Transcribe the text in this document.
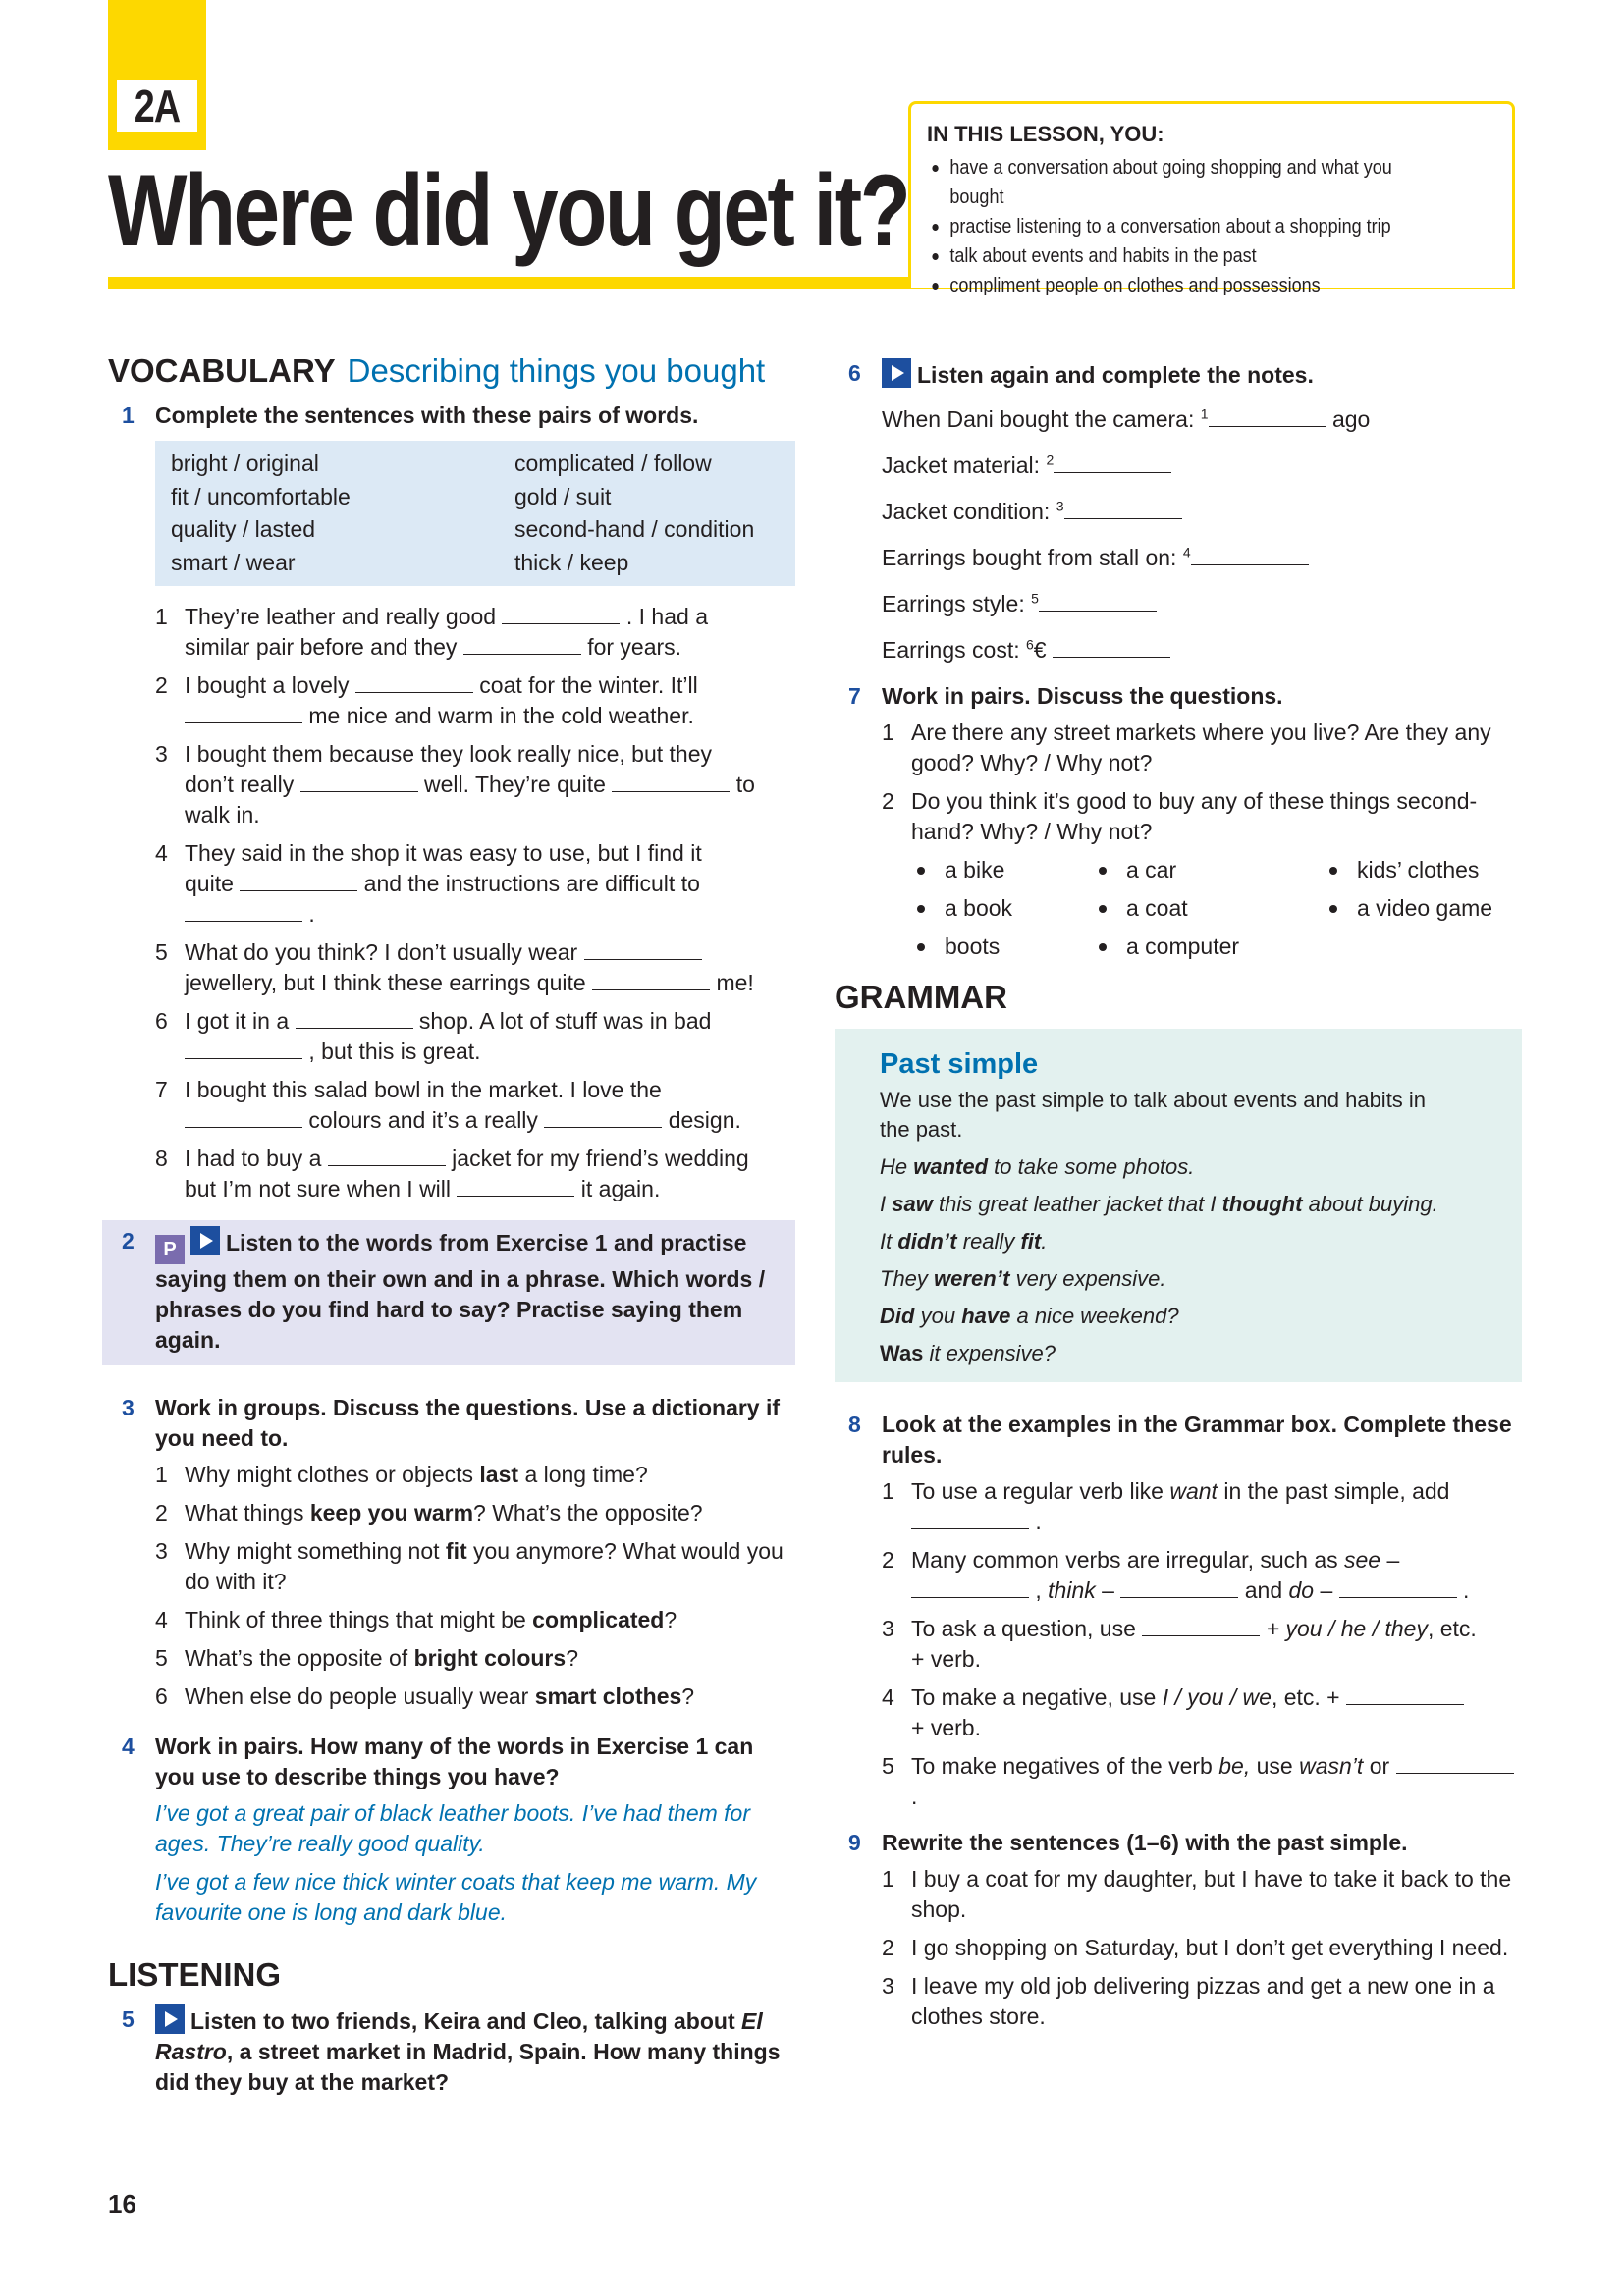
2A
Where did you get it?
IN THIS LESSON, YOU:
have a conversation about going shopping and what you bought
practise listening to a conversation about a shopping trip
talk about events and habits in the past
compliment people on clothes and possessions
VOCABULARY Describing things you bought
1 Complete the sentences with these pairs of words.
bright / original	complicated / follow
fit / uncomfortable	gold / suit
quality / lasted	second-hand / condition
smart / wear	thick / keep
1 They’re leather and really good	. I had a
similar pair before and they	for years.
2 I bought a lovely	coat for the winter. It’ll
me nice and warm in the cold weather.
3 I bought them because they look really nice, but they
don’t really	well. They’re quite	to
walk in.
4 They said in the shop it was easy to use, but I find it
quite	and the instructions are difficult to
.
5 What do you think? I don’t usually wear
jewellery, but I think these earrings quite	me!
6 I got it in a	shop. A lot of stuff was in bad
, but this is great.
7 I bought this salad bowl in the market. I love the
colours and it’s a really	design.
8 I had to buy a	jacket for my friend’s wedding
but I’m not sure when I will	it again.
2 P Listen to the words from Exercise 1 and practise saying them on their own and in a phrase. Which words / phrases do you find hard to say? Practise saying them again.
3 Work in groups. Discuss the questions. Use a dictionary if you need to.
1 Why might clothes or objects last a long time?
2 What things keep you warm? What’s the opposite?
3 Why might something not fit you anymore? What would you do with it?
4 Think of three things that might be complicated?
5 What’s the opposite of bright colours?
6 When else do people usually wear smart clothes?
4 Work in pairs. How many of the words in Exercise 1 can you use to describe things you have?
I’ve got a great pair of black leather boots. I’ve had them for ages. They’re really good quality.
I’ve got a few nice thick winter coats that keep me warm. My favourite one is long and dark blue.
LISTENING
5 Listen to two friends, Keira and Cleo, talking about El Rastro, a street market in Madrid, Spain. How many things did they buy at the market?
6 Listen again and complete the notes.
When Dani bought the camera: $^1$	ago
Jacket material: $^2$
Jacket condition: $^3$
Earrings bought from stall on: $^4$
Earrings style: $^5$
Earrings cost: $^6$€
7 Work in pairs. Discuss the questions.
1 Are there any street markets where you live? Are they any good? Why? / Why not?
2 Do you think it’s good to buy any of these things second-hand? Why? / Why not?
a bike	a car	kids’ clothes
a book	a coat	a video game
boots	a computer
GRAMMAR
Past simple
We use the past simple to talk about events and habits in the past.
He wanted to take some photos.
I saw this great leather jacket that I thought about buying.
It didn’t really fit.
They weren’t very expensive.
Did you have a nice weekend?
Was it expensive?
8 Look at the examples in the Grammar box. Complete these rules.
1 To use a regular verb like want in the past simple, add
.
2 Many common verbs are irregular, such as see –
, think –	and do –	.
3 To ask a question, use	+ you / he / they, etc.
+ verb.
4 To make a negative, use I / you / we, etc. +
+ verb.
5 To make negatives of the verb be, use wasn’t or  .
9 Rewrite the sentences (1–6) with the past simple.
1 I buy a coat for my daughter, but I have to take it back to the shop.
2 I go shopping on Saturday, but I don’t get everything I need.
3 I leave my old job delivering pizzas and get a new one in a clothes store.
16
